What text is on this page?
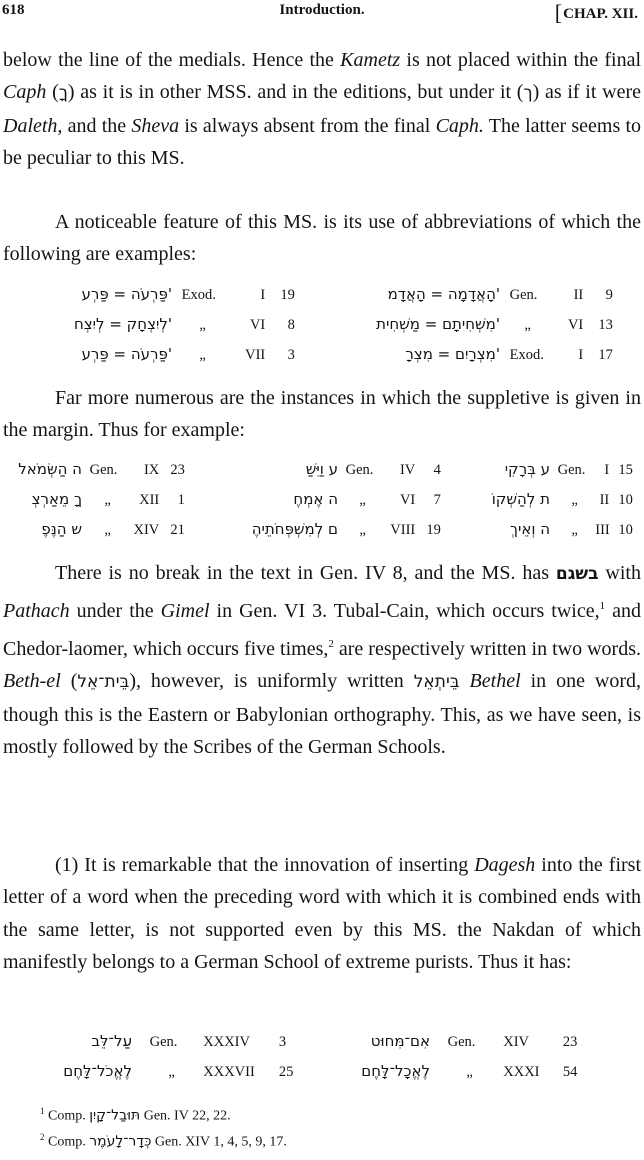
618	Introduction.	[CHAP. XII.
below the line of the medials. Hence the Kametz is not placed within the final Caph (ךָ) as it is in other MSS. and in the editions, but under it (ך) as if it were Daleth, and the Sheva is always absent from the final Caph. The latter seems to be peculiar to this MS.
A noticeable feature of this MS. is its use of abbreviations of which the following are examples:
פַּרְעֹה = פַּרְע' Exod.	I 19	הָאֲדָמָה = הָאֲדָמ' Gen. II 9
לְיִצְחָק = לְיִצְח' „	VI 8	מִשְׁחִיתָם = מַשְׁחִית' „	VI 13
פַּרְעֹה = פַּרְע' „	VII 3	מִצְרָיִם = מִצְרָ' Exod. I 17
Far more numerous are the instances in which the suppletive is given in the margin. Thus for example:
ה הַשְּׂמֹאל Gen. IX 23	ע וַיִּשַׁ Gen. IV 4	ע בְּרָקִי Gen. I 15
ךָ מֵאַרְצְ „ XII 1	ה אֶמְחֶ „ VI 7	ת לְהַשְׁקוֹ „ II 10
ש הַנֶּפֶ „ XIV 21	ם לְמִשְׁפְּחֹתֵיהֶ „ VIII 19	ה וְאֵיךְ „ III 10
There is no break in the text in Gen. IV 8, and the MS. has בשגם with Pathach under the Gimel in Gen. VI 3. Tubal-Cain, which occurs twice,$^1$ and Chedor-laomer, which occurs five times,$^2$ are respectively written in two words. Beth-el (בֵּית־אֵל), however, is uniformly written בֵּיתְאֵל Bethel in one word, though this is the Eastern or Babylonian orthography. This, as we have seen, is mostly followed by the Scribes of the German Schools.
(1) It is remarkable that the innovation of inserting Dagesh into the first letter of a word when the preceding word with which it is combined ends with the same letter, is not supported even by this MS. the Nakdan of which manifestly belongs to a German School of extreme purists. Thus it has:
עַל־לֵּב Gen. XXXIV 3	אִם־מִּחוּט Gen. XIV 23
לֶאֱכֹל־לָּחֶם	„ XXXVII 25	לֶאֱכָל־לָּחֶם	„ XXXI 54
$^1$ Comp. תּוּבַל־קָיִן Gen. IV 22, 22.
$^2$ Comp. כְּדָר־לָעֹמֶר Gen. XIV 1, 4, 5, 9, 17.
